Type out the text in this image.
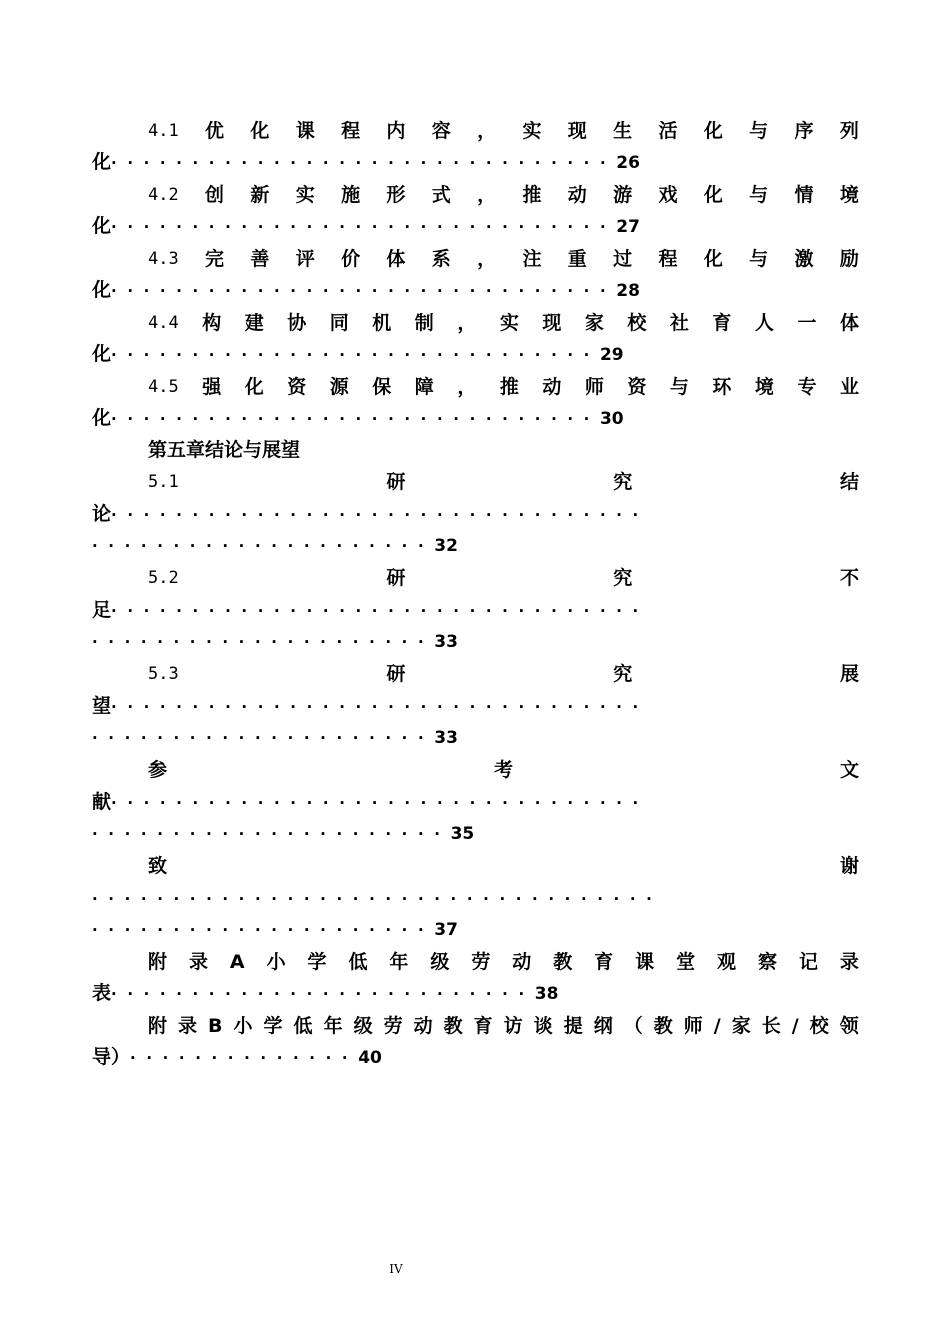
4.1 优 化 课 程 内 容 ， 实 现 生 活 化 与 序 列
化·······························26
4.2 创 新 实 施 形 式 ， 推 动 游 戏 化 与 情 境
化·······························27
4.3 完 善 评 价 体 系 ， 注 重 过 程 化 与 激 励
化·······························28
4.4 构 建 协 同 机 制 ， 实 现 家 校 社 育 人 一 体
化······························29
4.5 强 化 资 源 保 障 ， 推 动 师 资 与 环 境 专 业
化······························30
第五章结论与展望
5.1	研	究	结
论·································
·····················32
5.2	研	究	不
足·································
·····················33
5.3	研	究	展
望·································
·····················33
参	考	文
献·································
······················35
致	谢
···································
·····················37
附 录 A 小 学 低 年 级 劳 动 教 育 课 堂 观 察 记 录
表··························38
附 录 B 小 学 低 年 级 劳 动 教 育 访 谈 提 纲 （ 教 师 / 家 长 / 校 领
导）··············40
IV
